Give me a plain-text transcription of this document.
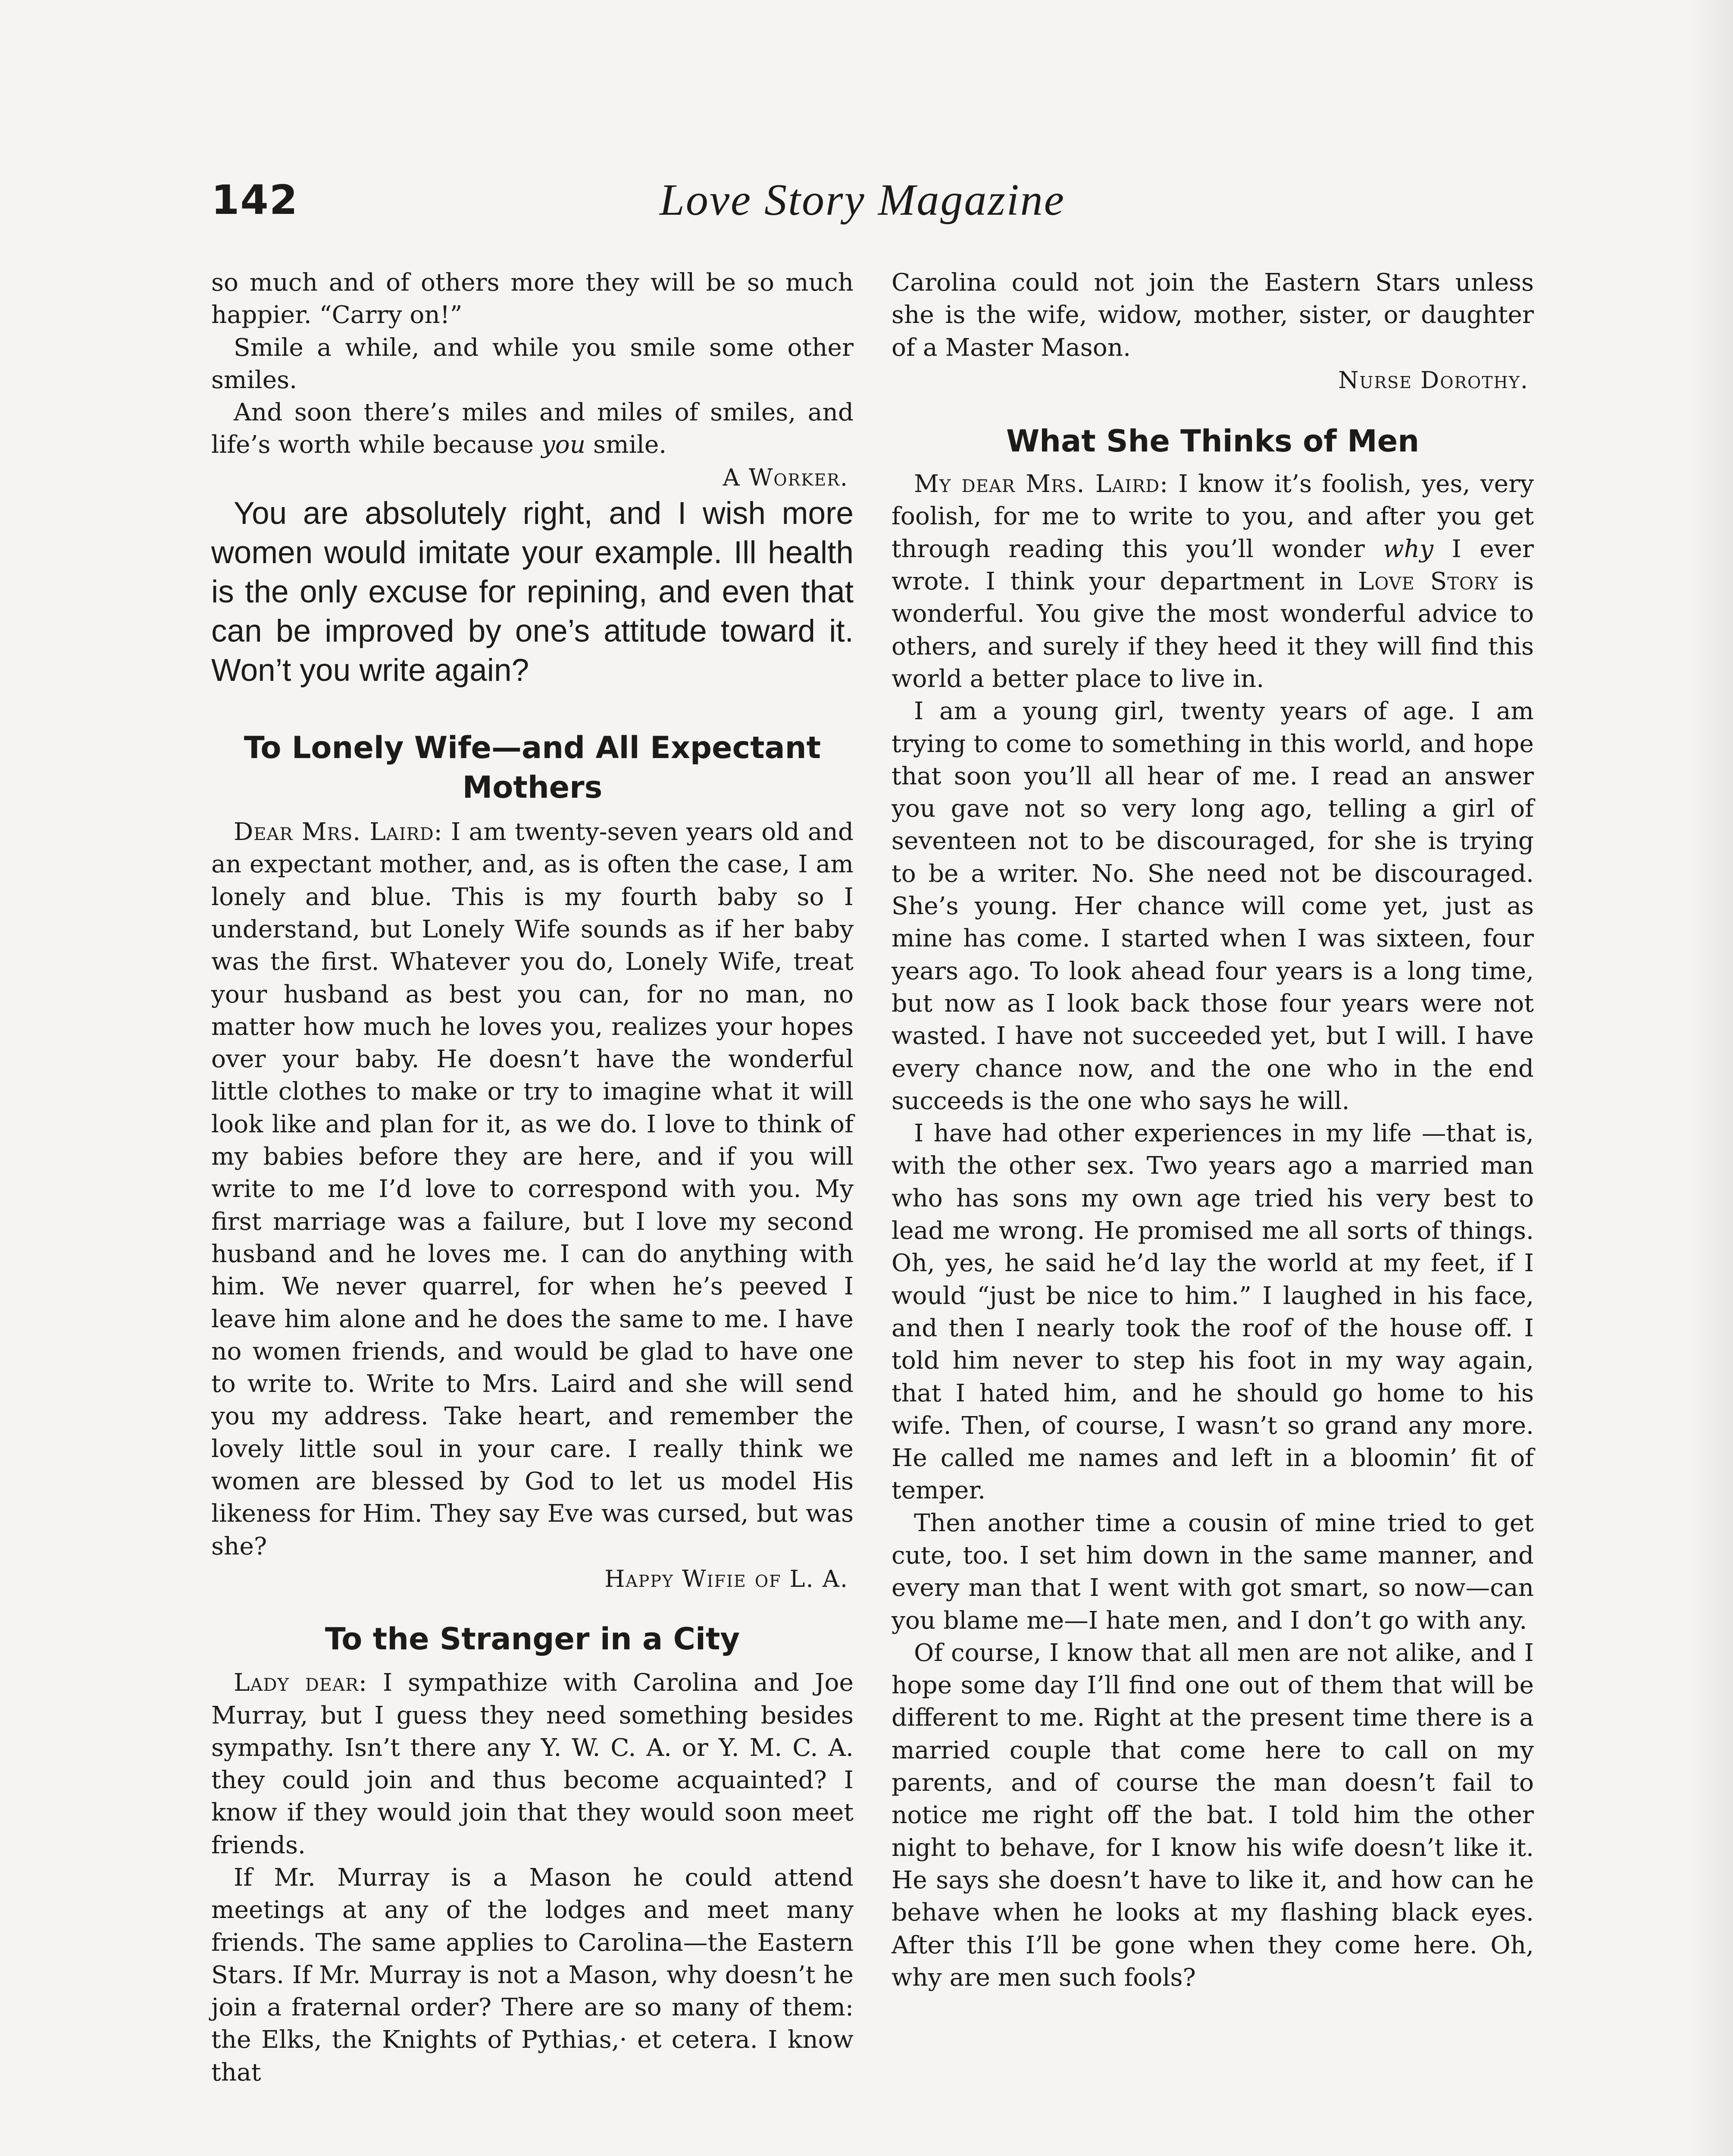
142	Love Story Magazine

so much and of others more they will be so much happier. “Carry on!”

Smile a while, and while you smile some other smiles.

And soon there’s miles and miles of smiles, and life’s worth while because you smile.

A Worker.

You are absolutely right, and I wish more women would imitate your example. Ill health is the only excuse for repining, and even that can be improved by one’s attitude toward it. Won’t you write again?

To Lonely Wife—and All Expectant Mothers

Dear Mrs. Laird: I am twenty-seven years old and an expectant mother, and, as is often the case, I am lonely and blue. This is my fourth baby so I understand, but Lonely Wife sounds as if her baby was the first. Whatever you do, Lonely Wife, treat your husband as best you can, for no man, no matter how much he loves you, realizes your hopes over your baby. He doesn’t have the wonderful little clothes to make or try to imagine what it will look like and plan for it, as we do. I love to think of my babies before they are here, and if you will write to me I’d love to correspond with you. My first marriage was a failure, but I love my second husband and he loves me. I can do anything with him. We never quarrel, for when he’s peeved I leave him alone and he does the same to me. I have no women friends, and would be glad to have one to write to. Write to Mrs. Laird and she will send you my address. Take heart, and remember the lovely little soul in your care. I really think we women are blessed by God to let us model His likeness for Him. They say Eve was cursed, but was she?

Happy Wifie of L. A.

To the Stranger in a City

Lady dear: I sympathize with Carolina and Joe Murray, but I guess they need something besides sympathy. Isn’t there any Y. W. C. A. or Y. M. C. A. they could join and thus become acquainted? I know if they would join that they would soon meet friends.

If Mr. Murray is a Mason he could attend meetings at any of the lodges and meet many friends. The same applies to Carolina—the Eastern Stars. If Mr. Murray is not a Mason, why doesn’t he join a fraternal order? There are so many of them: the Elks, the Knights of Pythias,· et cetera. I know that

Carolina could not join the Eastern Stars unless she is the wife, widow, mother, sister, or daughter of a Master Mason.

Nurse Dorothy.

What She Thinks of Men

My dear Mrs. Laird: I know it’s foolish, yes, very foolish, for me to write to you, and after you get through reading this you’ll wonder why I ever wrote. I think your department in Love Story is wonderful. You give the most wonderful advice to others, and surely if they heed it they will find this world a better place to live in.

I am a young girl, twenty years of age. I am trying to come to something in this world, and hope that soon you’ll all hear of me. I read an answer you gave not so very long ago, telling a girl of seventeen not to be discouraged, for she is trying to be a writer. No. She need not be discouraged. She’s young. Her chance will come yet, just as mine has come. I started when I was sixteen, four years ago. To look ahead four years is a long time, but now as I look back those four years were not wasted. I have not succeeded yet, but I will. I have every chance now, and the one who in the end succeeds is the one who says he will.

I have had other experiences in my life —that is, with the other sex. Two years ago a married man who has sons my own age tried his very best to lead me wrong. He promised me all sorts of things. Oh, yes, he said he’d lay the world at my feet, if I would “just be nice to him.” I laughed in his face, and then I nearly took the roof of the house off. I told him never to step his foot in my way again, that I hated him, and he should go home to his wife. Then, of course, I wasn’t so grand any more. He called me names and left in a bloomin’ fit of temper.

Then another time a cousin of mine tried to get cute, too. I set him down in the same manner, and every man that I went with got smart, so now—can you blame me—I hate men, and I don’t go with any.

Of course, I know that all men are not alike, and I hope some day I’ll find one out of them that will be different to me. Right at the present time there is a married couple that come here to call on my parents, and of course the man doesn’t fail to notice me right off the bat. I told him the other night to behave, for I know his wife doesn’t like it. He says she doesn’t have to like it, and how can he behave when he looks at my flashing black eyes. After this I’ll be gone when they come here. Oh, why are men such fools?
